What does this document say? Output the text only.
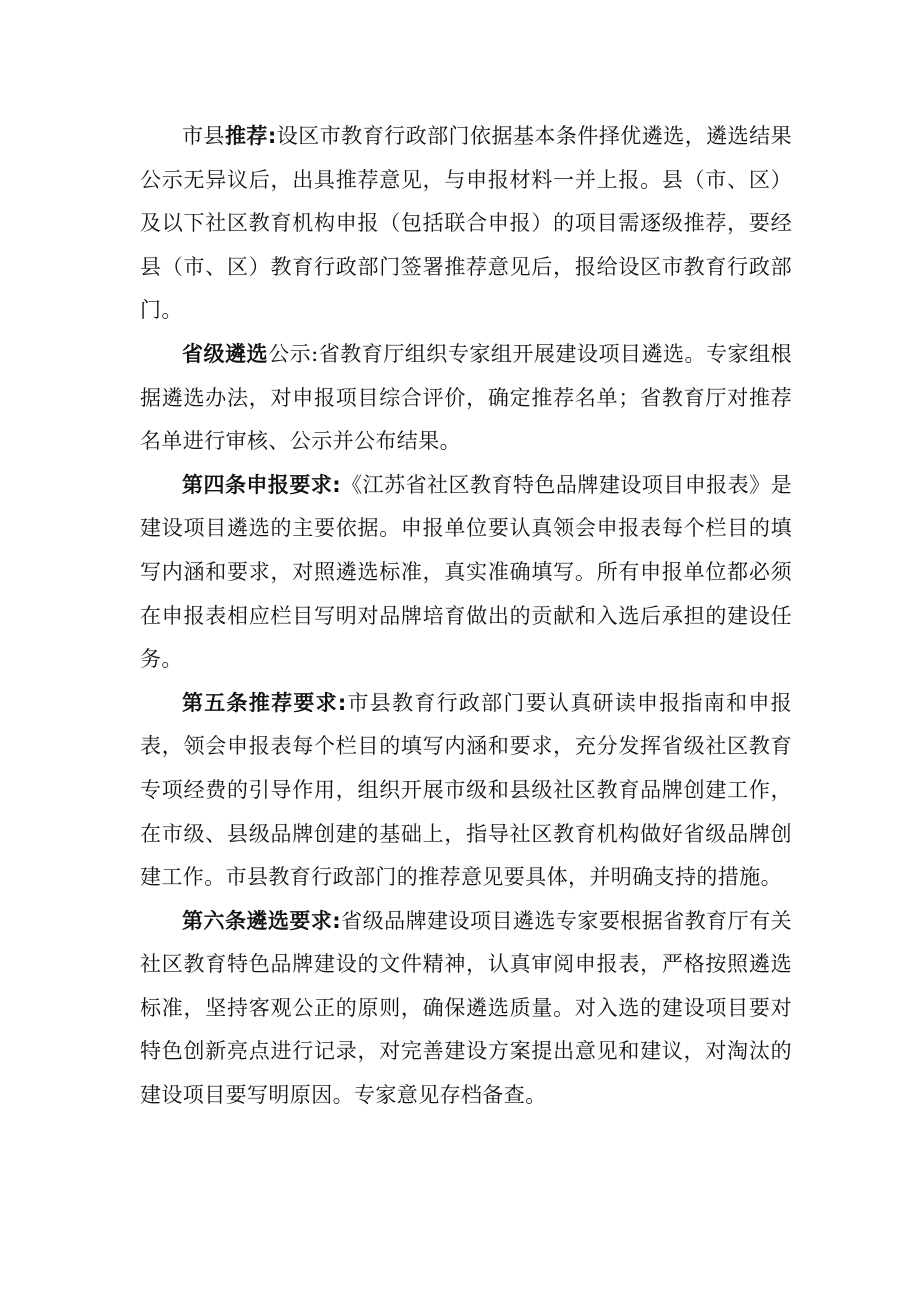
市县推荐:设区市教育行政部门依据基本条件择优遴选，遴选结果公示无异议后，出具推荐意见，与申报材料一并上报。县（市、区）及以下社区教育机构申报（包括联合申报）的项目需逐级推荐，要经县（市、区）教育行政部门签署推荐意见后，报给设区市教育行政部门。

省级遴选公示:省教育厅组织专家组开展建设项目遴选。专家组根据遴选办法，对申报项目综合评价，确定推荐名单；省教育厅对推荐名单进行审核、公示并公布结果。

第四条申报要求:《江苏省社区教育特色品牌建设项目申报表》是建设项目遴选的主要依据。申报单位要认真领会申报表每个栏目的填写内涵和要求，对照遴选标准，真实准确填写。所有申报单位都必须在申报表相应栏目写明对品牌培育做出的贡献和入选后承担的建设任务。

第五条推荐要求:市县教育行政部门要认真研读申报指南和申报表，领会申报表每个栏目的填写内涵和要求，充分发挥省级社区教育专项经费的引导作用，组织开展市级和县级社区教育品牌创建工作，在市级、县级品牌创建的基础上，指导社区教育机构做好省级品牌创建工作。市县教育行政部门的推荐意见要具体，并明确支持的措施。

第六条遴选要求:省级品牌建设项目遴选专家要根据省教育厅有关社区教育特色品牌建设的文件精神，认真审阅申报表，严格按照遴选标准，坚持客观公正的原则，确保遴选质量。对入选的建设项目要对特色创新亮点进行记录，对完善建设方案提出意见和建议，对淘汰的建设项目要写明原因。专家意见存档备查。
